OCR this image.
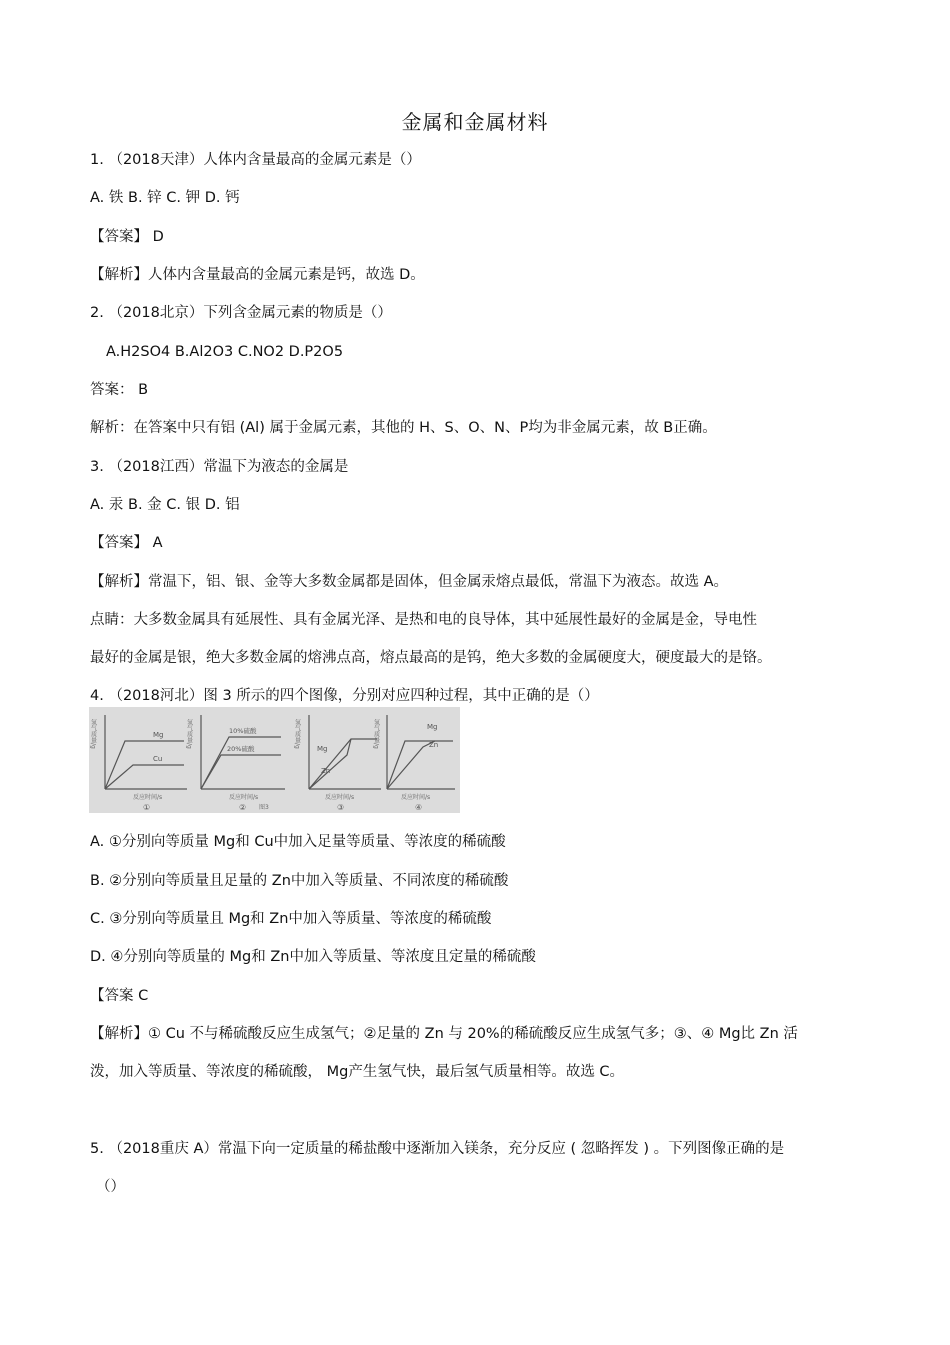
金属和金属材料
1. （2018天津）人体内含量最高的金属元素是（）
A. 铁 B. 锌 C. 钾 D. 钙
【答案】 D
【解析】人体内含量最高的金属元素是钙，故选 D。
2. （2018北京）下列含金属元素的物质是（）
A.H2SO4 B.Al2O3 C.NO2 D.P2O5
答案： B
解析：在答案中只有铝 (Al) 属于金属元素，其他的 H、S、O、N、P均为非金属元素，故 B正确。
3. （2018江西）常温下为液态的金属是
A. 汞 B. 金 C. 银 D. 铝
【答案】 A
【解析】常温下，铝、银、金等大多数金属都是固体，但金属汞熔点最低，常温下为液态。故选 A。
点睛：大多数金属具有延展性、具有金属光泽、是热和电的良导体，其中延展性最好的金属是金，导电性
最好的金属是银，绝大多数金属的熔沸点高，熔点最高的是钨，绝大多数的金属硬度大，硬度最大的是铬。
4. （2018河北）图 3 所示的四个图像，分别对应四种过程，其中正确的是（）
氢气质量/g	Mg
Cu
反应时间/s
①
氢气质量/g	10%硫酸
20%硫酸
反应时间/s
② 图3
氢气质量/g
Mg
Zn
反应时间/s
③
氢气质量/g	Mg
Zn
反应时间/s
④
A. ①分别向等质量 Mg和 Cu中加入足量等质量、等浓度的稀硫酸
B. ②分别向等质量且足量的 Zn中加入等质量、不同浓度的稀硫酸
C. ③分别向等质量且 Mg和 Zn中加入等质量、等浓度的稀硫酸
D. ④分别向等质量的 Mg和 Zn中加入等质量、等浓度且定量的稀硫酸
【答案 C
【解析】① Cu 不与稀硫酸反应生成氢气；②足量的 Zn 与 20%的稀硫酸反应生成氢气多；③、④ Mg比 Zn 活
泼，加入等质量、等浓度的稀硫酸， Mg产生氢气快，最后氢气质量相等。故选 C。
5. （2018重庆 A）常温下向一定质量的稀盐酸中逐渐加入镁条，充分反应 ( 忽略挥发 ) 。下列图像正确的是
（）
